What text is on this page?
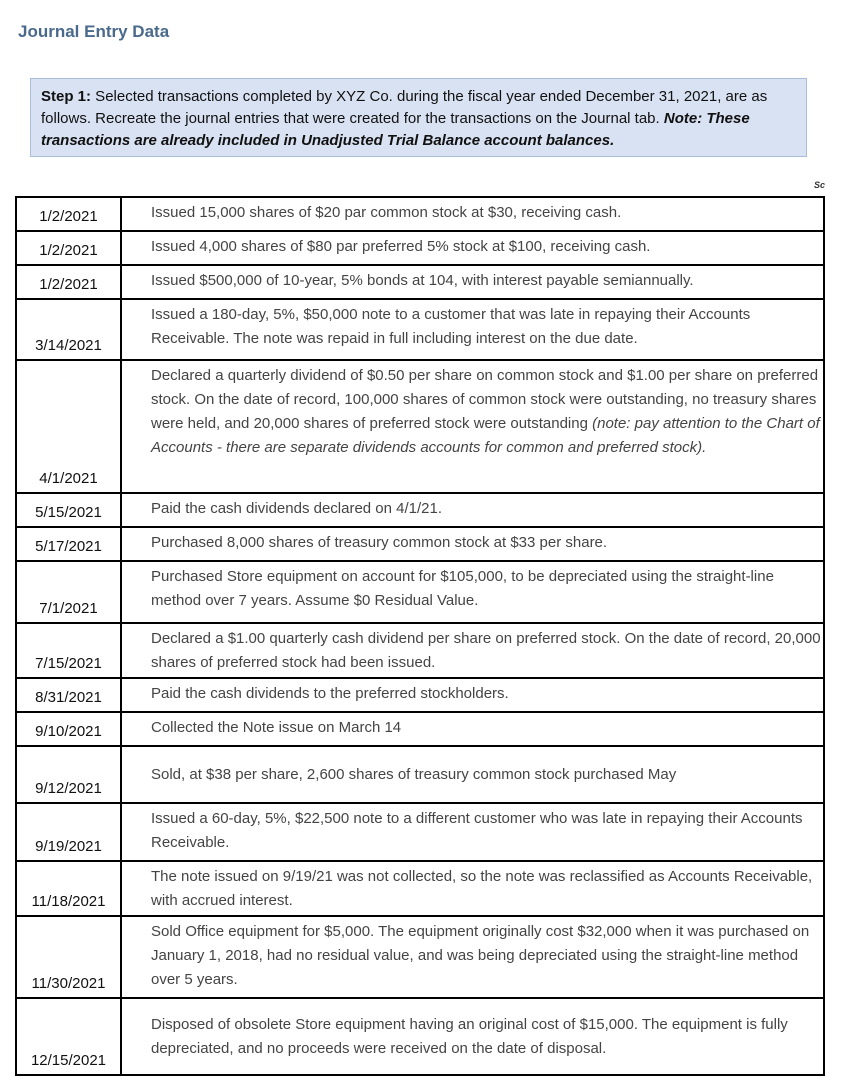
Journal Entry Data
Step 1: Selected transactions completed by XYZ Co. during the fiscal year ended December 31, 2021, are as follows. Recreate the journal entries that were created for the transactions on the Journal tab. Note: These transactions are already included in Unadjusted Trial Balance account balances.
Sc
1/2/2021	Issued 15,000 shares of $20 par common stock at $30, receiving cash.
1/2/2021	Issued 4,000 shares of $80 par preferred 5% stock at $100, receiving cash.
1/2/2021	Issued $500,000 of 10-year, 5% bonds at 104, with interest payable semiannually.
3/14/2021	Issued a 180-day, 5%, $50,000 note to a customer that was late in repaying their Accounts Receivable. The note was repaid in full including interest on the due date.
4/1/2021	Declared a quarterly dividend of $0.50 per share on common stock and $1.00 per share on preferred stock. On the date of record, 100,000 shares of common stock were outstanding, no treasury shares were held, and 20,000 shares of preferred stock were outstanding (note: pay attention to the Chart of Accounts - there are separate dividends accounts for common and preferred stock).
5/15/2021	Paid the cash dividends declared on 4/1/21.
5/17/2021	Purchased 8,000 shares of treasury common stock at $33 per share.
7/1/2021	Purchased Store equipment on account for $105,000, to be depreciated using the straight-line method over 7 years. Assume $0 Residual Value.
7/15/2021	Declared a $1.00 quarterly cash dividend per share on preferred stock. On the date of record, 20,000 shares of preferred stock had been issued.
8/31/2021	Paid the cash dividends to the preferred stockholders.
9/10/2021	Collected the Note issue on March 14
9/12/2021	Sold, at $38 per share, 2,600 shares of treasury common stock purchased May
9/19/2021	Issued a 60-day, 5%, $22,500 note to a different customer who was late in repaying their Accounts Receivable.
11/18/2021	The note issued on 9/19/21 was not collected, so the note was reclassified as Accounts Receivable, with accrued interest.
11/30/2021	Sold Office equipment for $5,000. The equipment originally cost $32,000 when it was purchased on January 1, 2018, had no residual value, and was being depreciated using the straight-line method over 5 years.
12/15/2021	Disposed of obsolete Store equipment having an original cost of $15,000. The equipment is fully depreciated, and no proceeds were received on the date of disposal.
